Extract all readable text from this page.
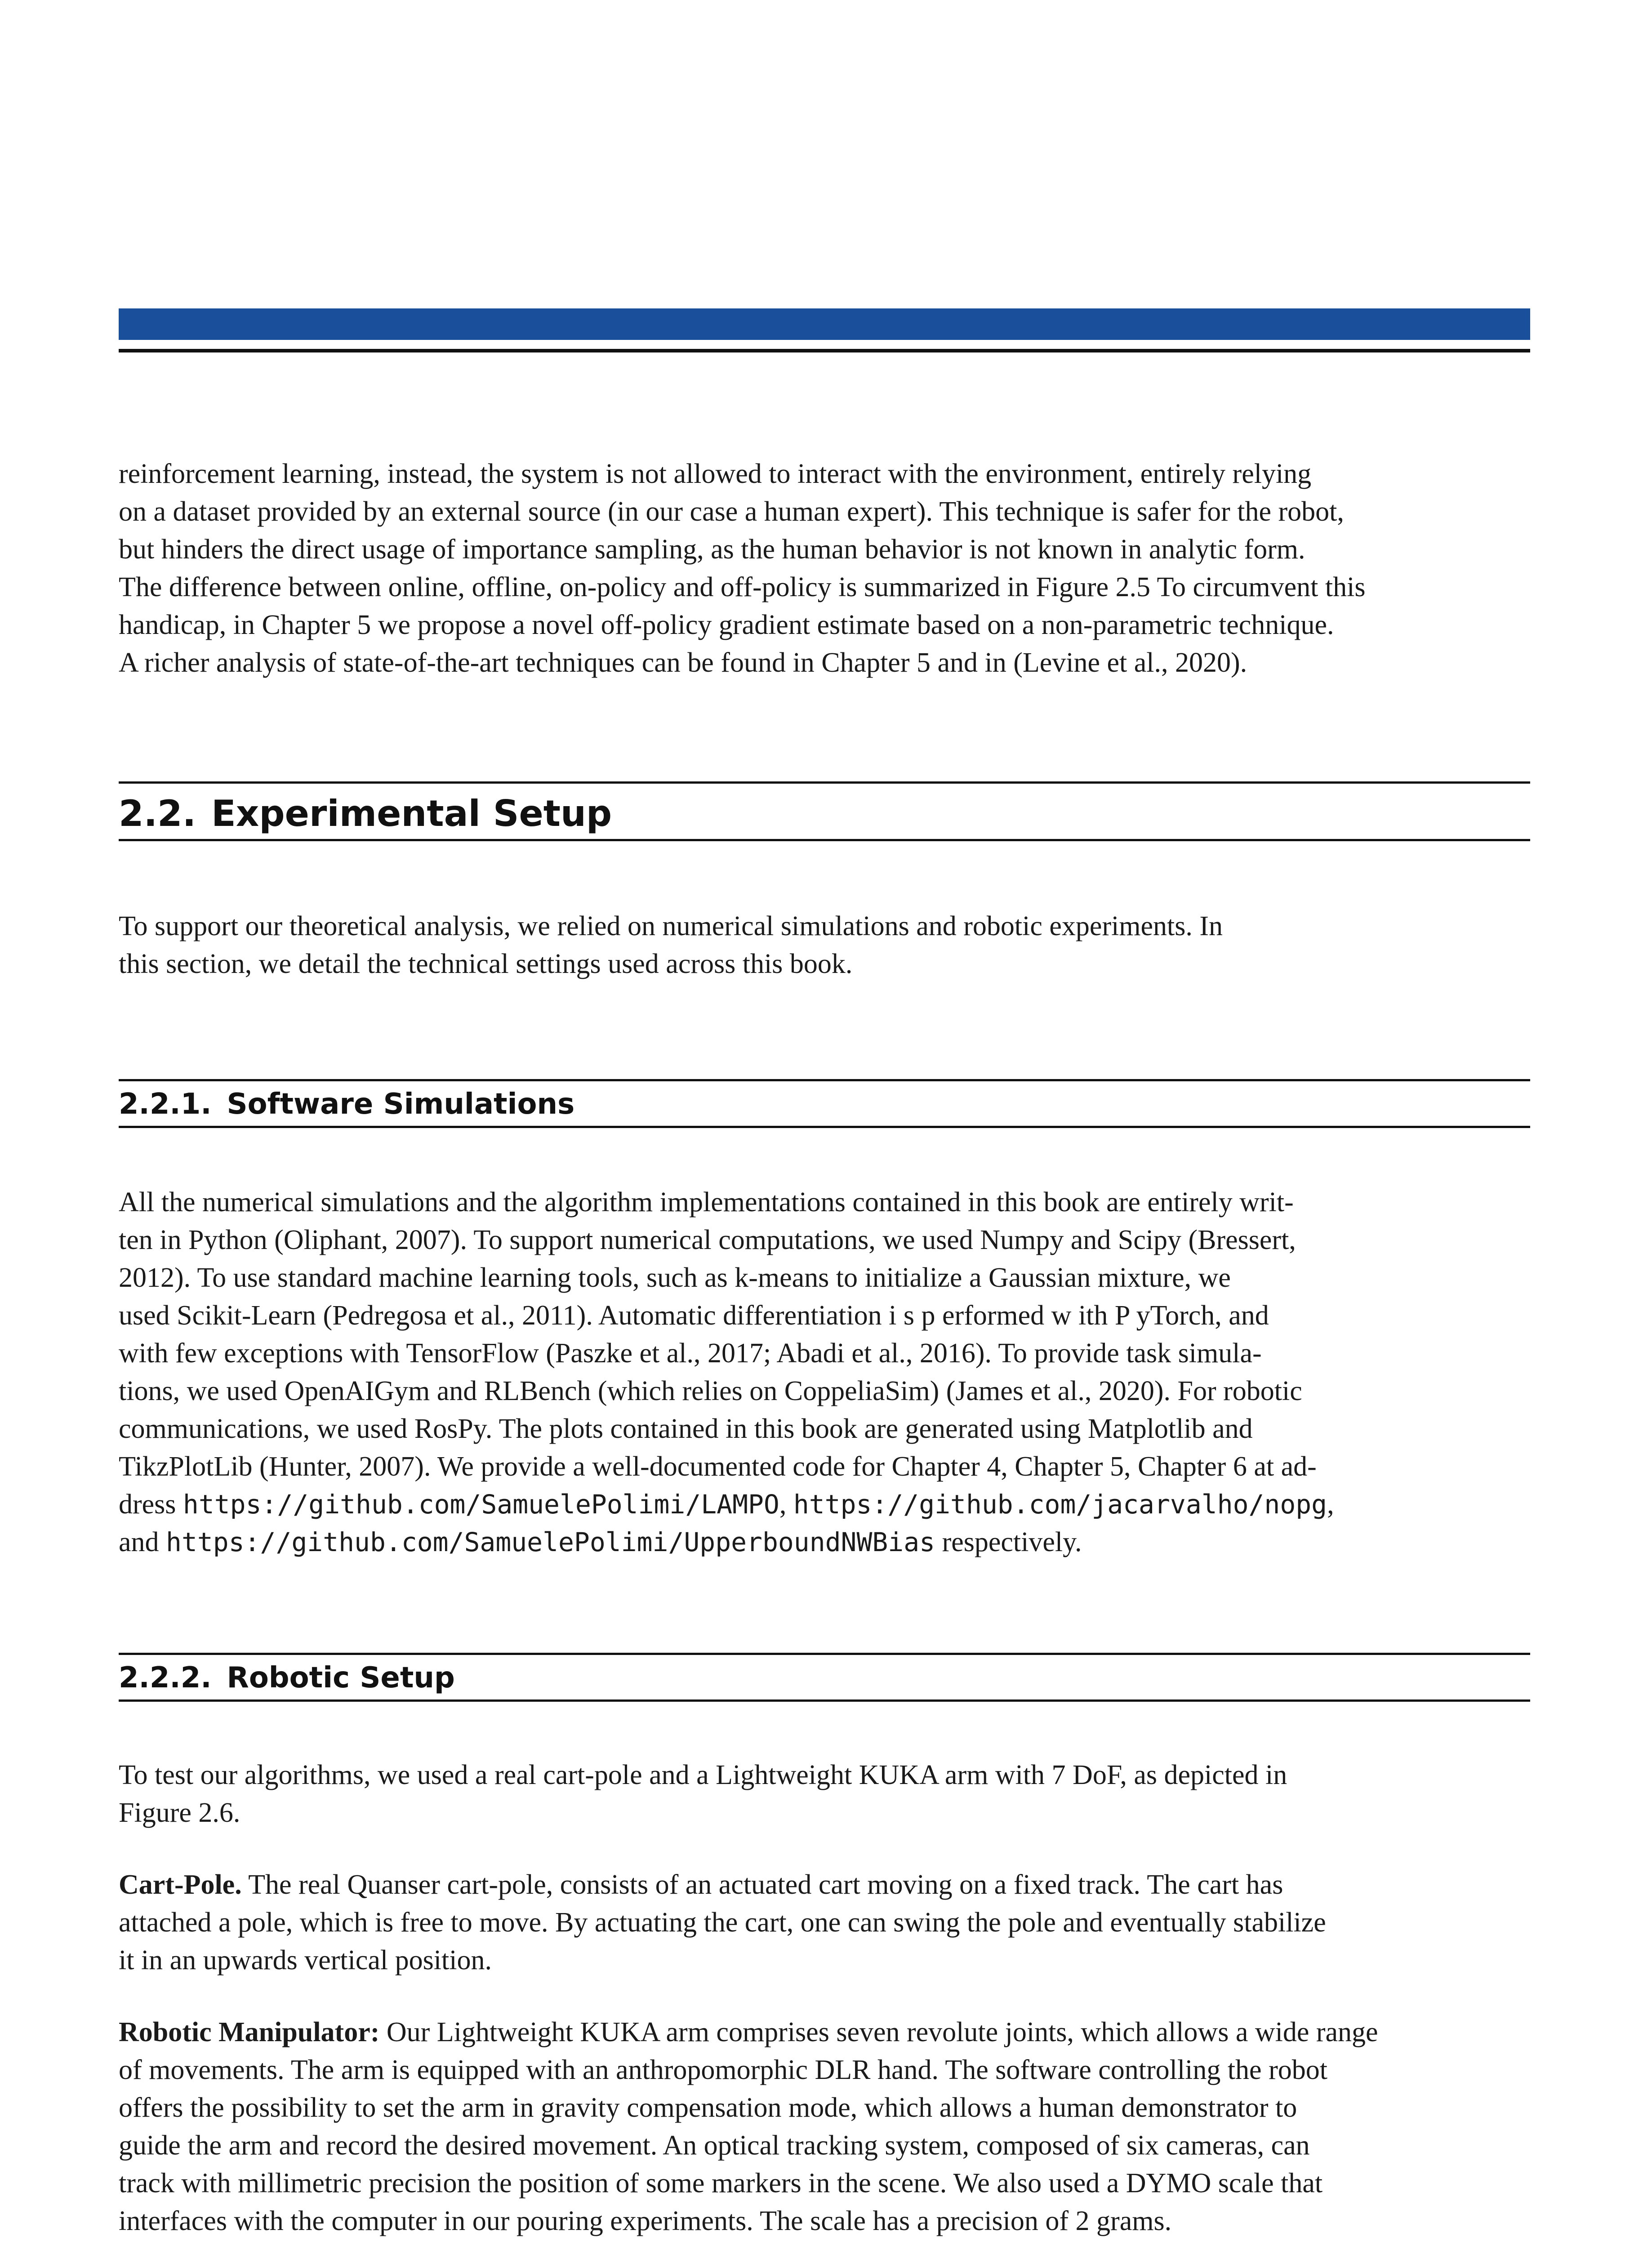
reinforcement learning, instead, the system is not allowed to interact with the environment, entirely relying
on a dataset provided by an external source (in our case a human expert). This technique is safer for the robot,
but hinders the direct usage of importance sampling, as the human behavior is not known in analytic form.
The difference between online, offline, on-policy and off-policy is summarized in Figure 2.5 To circumvent this
handicap, in Chapter 5 we propose a novel off-policy gradient estimate based on a non-parametric technique.
A richer analysis of state-of-the-art techniques can be found in Chapter 5 and in (Levine et al., 2020).

2.2. Experimental Setup

To support our theoretical analysis, we relied on numerical simulations and robotic experiments. In
this section, we detail the technical settings used across this book.

2.2.1. Software Simulations

All the numerical simulations and the algorithm implementations contained in this book are entirely writ-
ten in Python (Oliphant, 2007). To support numerical computations, we used Numpy and Scipy (Bressert,
2012). To use standard machine learning tools, such as k-means to initialize a Gaussian mixture, we
used Scikit-Learn (Pedregosa et al., 2011). Automatic differentiation i s p erformed w ith P yTorch, and
with few exceptions with TensorFlow (Paszke et al., 2017; Abadi et al., 2016). To provide task simula-
tions, we used OpenAIGym and RLBench (which relies on CoppeliaSim) (James et al., 2020). For robotic
communications, we used RosPy. The plots contained in this book are generated using Matplotlib and
TikzPlotLib (Hunter, 2007). We provide a well-documented code for Chapter 4, Chapter 5, Chapter 6 at ad-
dress https://github.com/SamuelePolimi/LAMPO, https://github.com/jacarvalho/nopg,
and https://github.com/SamuelePolimi/UpperboundNWBias respectively.

2.2.2. Robotic Setup

To test our algorithms, we used a real cart-pole and a Lightweight KUKA arm with 7 DoF, as depicted in
Figure 2.6.

Cart-Pole. The real Quanser cart-pole, consists of an actuated cart moving on a fixed track. The cart has
attached a pole, which is free to move. By actuating the cart, one can swing the pole and eventually stabilize
it in an upwards vertical position.

Robotic Manipulator: Our Lightweight KUKA arm comprises seven revolute joints, which allows a wide range
of movements. The arm is equipped with an anthropomorphic DLR hand. The software controlling the robot
offers the possibility to set the arm in gravity compensation mode, which allows a human demonstrator to
guide the arm and record the desired movement. An optical tracking system, composed of six cameras, can
track with millimetric precision the position of some markers in the scene. We also used a DYMO scale that
interfaces with the computer in our pouring experiments. The scale has a precision of 2 grams.
